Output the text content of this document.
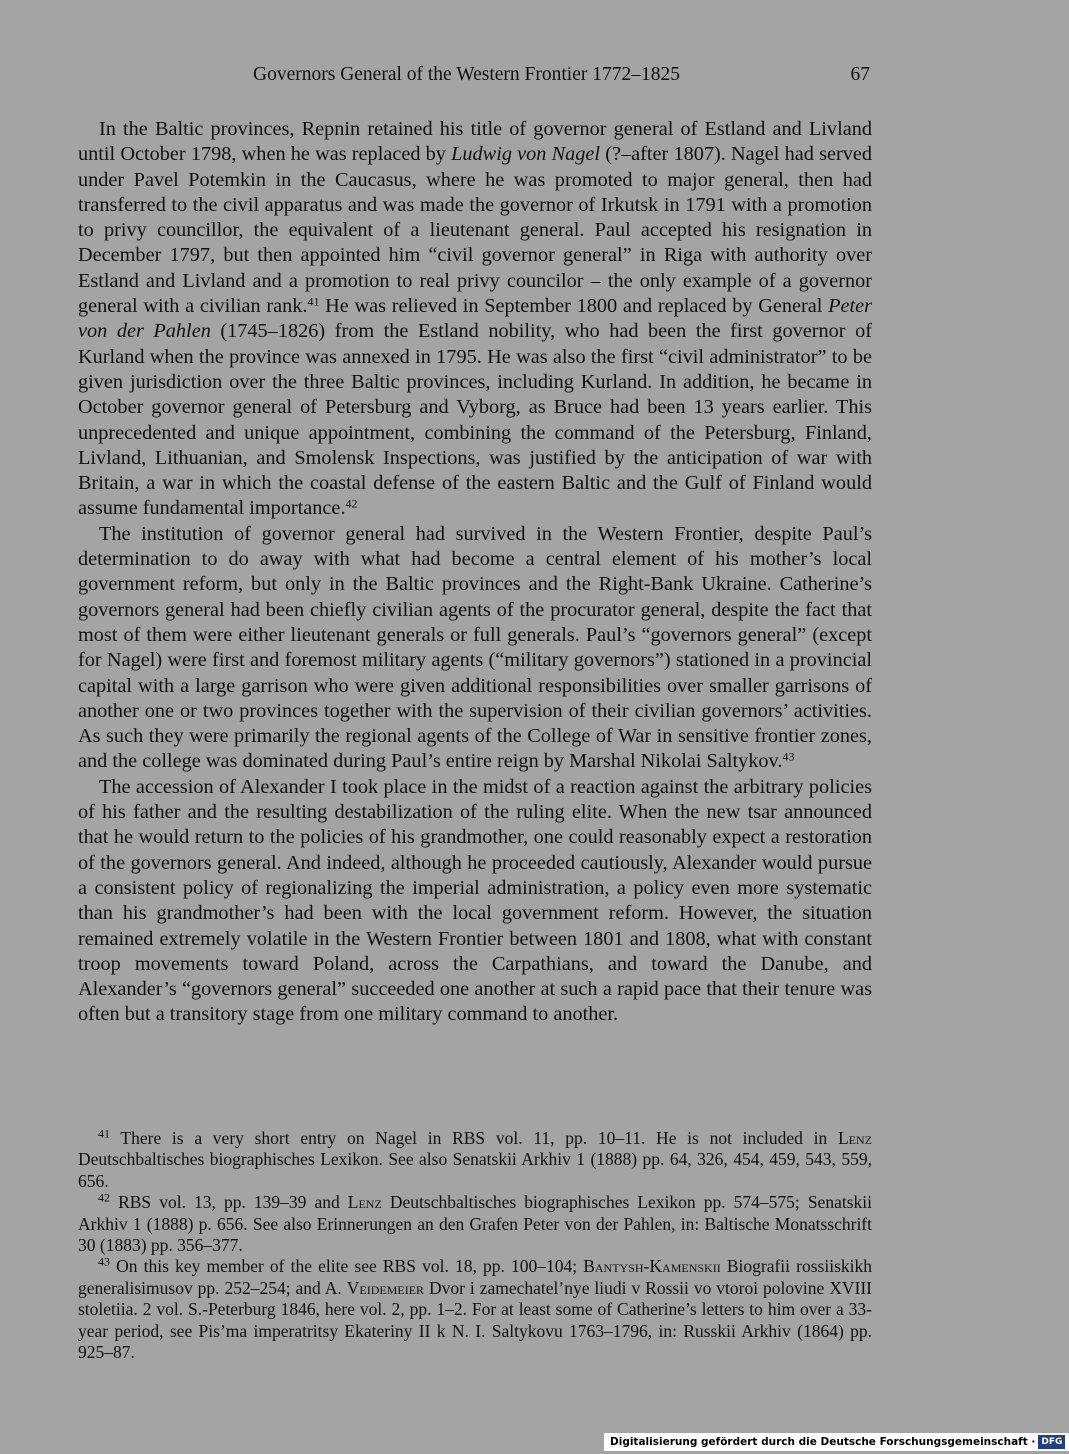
Governors General of the Western Frontier 1772–1825	67

In the Baltic provinces, Repnin retained his title of governor general of Estland and Livland until October 1798, when he was replaced by Ludwig von Nagel (?–after 1807). Nagel had served under Pavel Potemkin in the Caucasus, where he was promoted to major general, then had transferred to the civil apparatus and was made the governor of Irkutsk in 1791 with a promotion to privy councillor, the equivalent of a lieutenant general. Paul accepted his resignation in December 1797, but then appointed him “civil governor general” in Riga with authority over Estland and Livland and a promotion to real privy councilor – the only example of a governor general with a civilian rank.$^{41}$ He was relieved in September 1800 and replaced by General Peter von der Pahlen (1745–1826) from the Estland nobility, who had been the first governor of Kurland when the province was annexed in 1795. He was also the first “civil administrator” to be given jurisdiction over the three Baltic provinces, including Kurland. In addition, he became in October governor general of Petersburg and Vyborg, as Bruce had been 13 years earlier. This unprecedented and unique appointment, combining the command of the Petersburg, Finland, Livland, Lithuanian, and Smolensk Inspections, was justified by the anticipation of war with Britain, a war in which the coastal defense of the eastern Baltic and the Gulf of Finland would assume fundamental importance.$^{42}$

The institution of governor general had survived in the Western Frontier, despite Paul’s determination to do away with what had become a central element of his mother’s local government reform, but only in the Baltic provinces and the Right-Bank Ukraine. Catherine’s governors general had been chiefly civilian agents of the procurator general, despite the fact that most of them were either lieutenant generals or full generals. Paul’s “governors general” (except for Nagel) were first and foremost military agents (“military governors”) stationed in a provincial capital with a large garrison who were given additional responsibilities over smaller garrisons of another one or two provinces together with the supervision of their civilian governors’ activities. As such they were primarily the regional agents of the College of War in sensitive frontier zones, and the college was dominated during Paul’s entire reign by Marshal Nikolai Saltykov.$^{43}$

The accession of Alexander I took place in the midst of a reaction against the arbitrary policies of his father and the resulting destabilization of the ruling elite. When the new tsar announced that he would return to the policies of his grandmother, one could reasonably expect a restoration of the governors general. And indeed, although he proceeded cautiously, Alexander would pursue a consistent policy of regionalizing the imperial administration, a policy even more systematic than his grandmother’s had been with the local government reform. However, the situation remained extremely volatile in the Western Frontier between 1801 and 1808, what with constant troop movements toward Poland, across the Carpathians, and toward the Danube, and Alexander’s “governors general” succeeded one another at such a rapid pace that their tenure was often but a transitory stage from one military command to another.

$^{41}$ There is a very short entry on Nagel in RBS vol. 11, pp. 10–11. He is not included in Lenz Deutschbaltisches biographisches Lexikon. See also Senatskii Arkhiv 1 (1888) pp. 64, 326, 454, 459, 543, 559, 656.

$^{42}$ RBS vol. 13, pp. 139–39 and Lenz Deutschbaltisches biographisches Lexikon pp. 574–575; Senatskii Arkhiv 1 (1888) p. 656. See also Erinnerungen an den Grafen Peter von der Pahlen, in: Baltische Monatsschrift 30 (1883) pp. 356–377.

$^{43}$ On this key member of the elite see RBS vol. 18, pp. 100–104; Bantysh-Kamenskii Biografii rossiiskikh generalisimusov pp. 252–254; and A. Veidemeier Dvor i zamechatel’nye liudi v Rossii vo vtoroi polovine XVIII stoletiia. 2 vol. S.-Peterburg 1846, here vol. 2, pp. 1–2. For at least some of Catherine’s letters to him over a 33-year period, see Pis’ma imperatritsy Ekateriny II k N. I. Saltykovu 1763–1796, in: Russkii Arkhiv (1864) pp. 925–87.

Digitalisierung gefördert durch die Deutsche Forschungsgemeinschaft · DFG
